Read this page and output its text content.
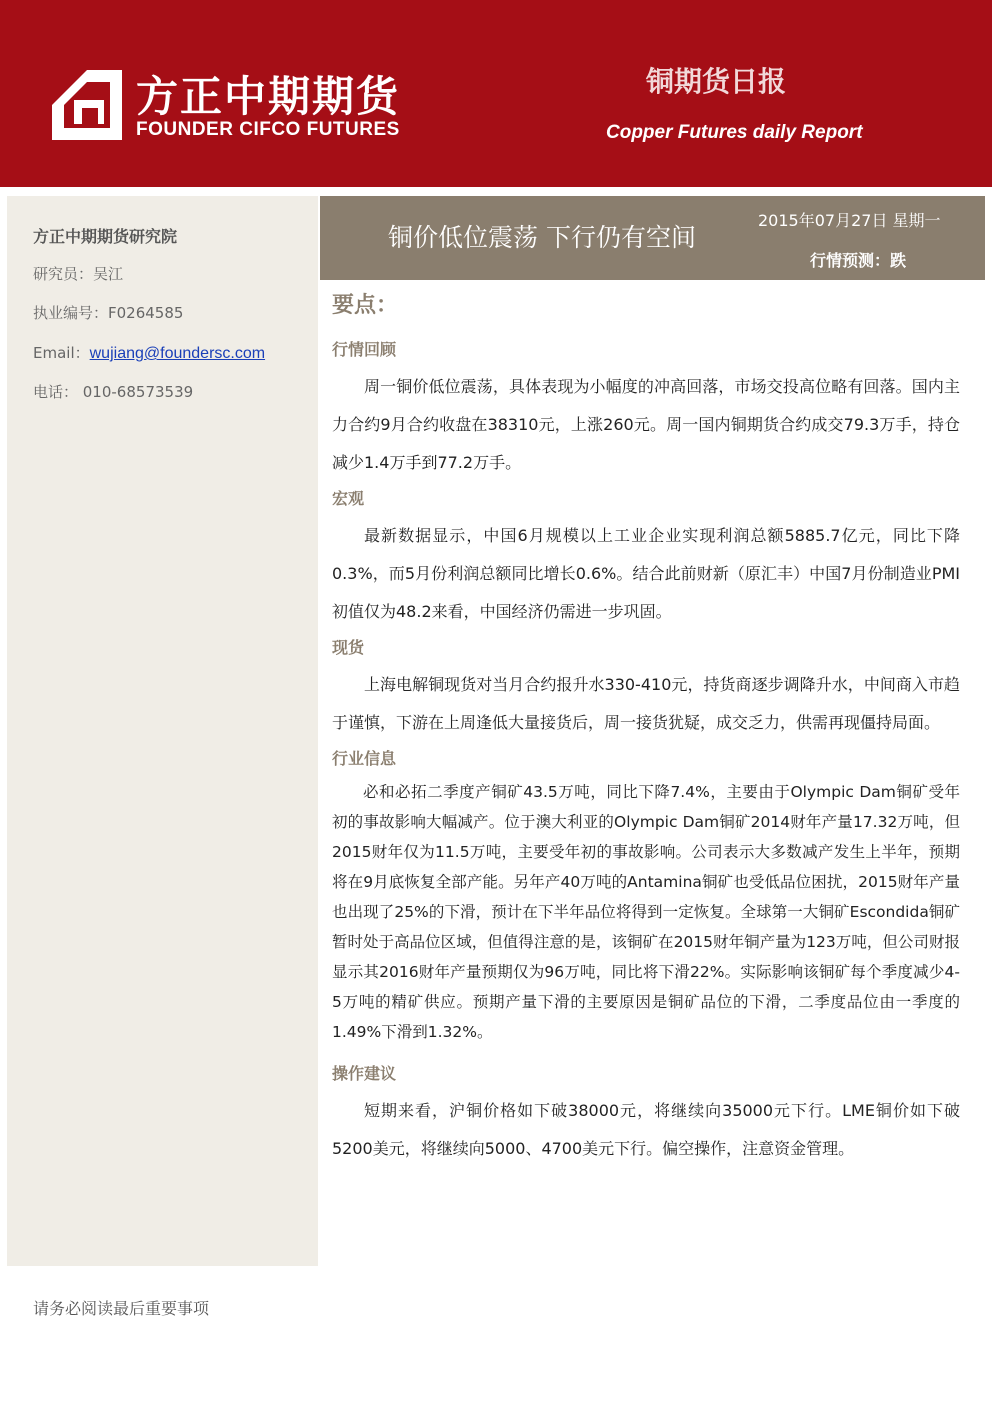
方正中期期货
FOUNDER CIFCO FUTURES
铜期货日报
Copper Futures daily Report
方正中期期货研究院
研究员：吴江
执业编号：F0264585
Email：wujiang@foundersc.com
电话： 010-68573539
铜价低位震荡 下行仍有空间
2015年07月27日 星期一
行情预测：跌
要点：
行情回顾

周一铜价低位震荡，具体表现为小幅度的冲高回落，市场交投高位略有回落。国内主力合约9月合约收盘在38310元，上涨260元。周一国内铜期货合约成交79.3万手，持仓减少1.4万手到77.2万手。

宏观

最新数据显示，中国6月规模以上工业企业实现利润总额5885.7亿元，同比下降0.3%，而5月份利润总额同比增长0.6%。结合此前财新（原汇丰）中国7月份制造业PMI初值仅为48.2来看，中国经济仍需进一步巩固。

现货

上海电解铜现货对当月合约报升水330-410元，持货商逐步调降升水，中间商入市趋于谨慎，下游在上周逢低大量接货后，周一接货犹疑，成交乏力，供需再现僵持局面。

行业信息

必和必拓二季度产铜矿43.5万吨，同比下降7.4%，主要由于Olympic Dam铜矿受年初的事故影响大幅减产。位于澳大利亚的Olympic Dam铜矿2014财年产量17.32万吨，但2015财年仅为11.5万吨，主要受年初的事故影响。公司表示大多数减产发生上半年，预期将在9月底恢复全部产能。另年产40万吨的Antamina铜矿也受低品位困扰，2015财年产量也出现了25%的下滑，预计在下半年品位将得到一定恢复。全球第一大铜矿Escondida铜矿暂时处于高品位区域，但值得注意的是，该铜矿在2015财年铜产量为123万吨，但公司财报显示其2016财年产量预期仅为96万吨，同比将下滑22%。实际影响该铜矿每个季度减少4-5万吨的精矿供应。预期产量下滑的主要原因是铜矿品位的下滑，二季度品位由一季度的1.49%下滑到1.32%。

操作建议

短期来看，沪铜价格如下破38000元，将继续向35000元下行。LME铜价如下破5200美元，将继续向5000、4700美元下行。偏空操作，注意资金管理。

请务必阅读最后重要事项
